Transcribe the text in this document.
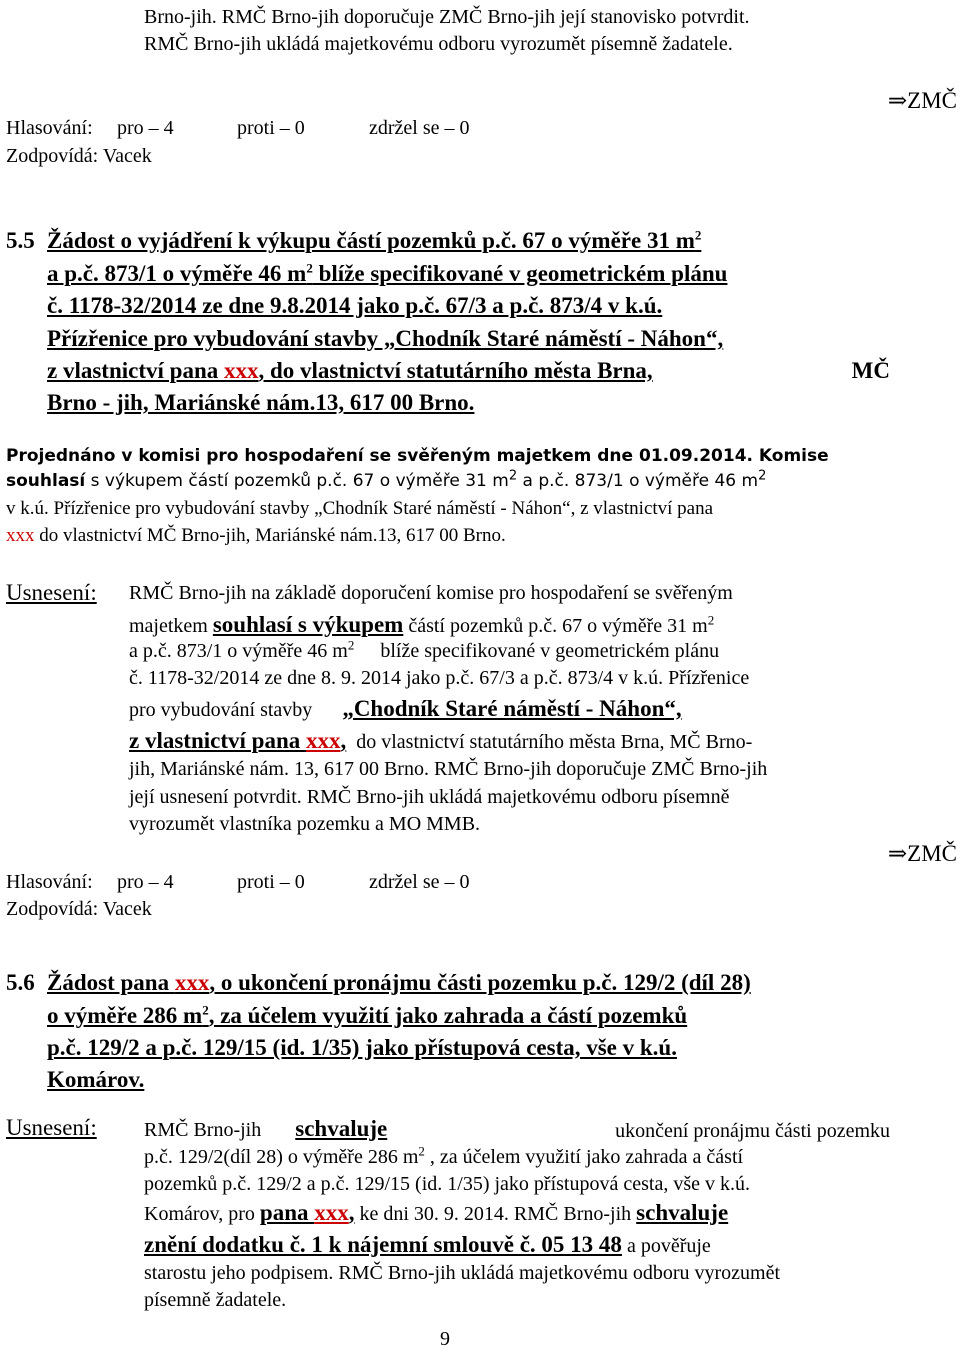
Brno-jih. RMČ Brno-jih doporučuje ZMČ Brno-jih její stanovisko potvrdit.
RMČ Brno-jih ukládá majetkovému odboru vyrozumět písemně žadatele.
⇒ZMČ
Hlasování: pro – 4	proti – 0	zdržel se – 0
Zodpovídá: Vacek
5.5 Žádost o vyjádření k výkupu částí pozemků p.č. 67 o výměře 31 $m^2$
a p.č. 873/1 o výměře 46 $m^2$ blíže specifikované v geometrickém plánu
č. 1178-32/2014 ze dne 9.8.2014 jako p.č. 67/3 a p.č. 873/4 v k.ú.
Přízřenice pro vybudování stavby „Chodník Staré náměstí - Náhon“,
z vlastnictví pana xxx, do vlastnictví statutárního města Brna,	MČ
Brno - jih, Mariánské nám.13, 617 00 Brno.
Projednáno v komisi pro hospodaření se svěřeným majetkem dne 01.09.2014. Komise
souhlasí s výkupem částí pozemků p.č. 67 o výměře 31 $m^2$ a p.č. 873/1 o výměře 46 $m^2$
v k.ú. Přízřenice pro vybudování stavby „Chodník Staré náměstí - Náhon“, z vlastnictví pana
xxx do vlastnictví MČ Brno-jih, Mariánské nám.13, 617 00 Brno.
Usnesení: RMČ Brno-jih na základě doporučení komise pro hospodaření se svěřeným
majetkem souhlasí s výkupem částí pozemků p.č. 67 o výměře 31 $m^2$
a p.č. 873/1 o výměře 46 $m^2$ blíže specifikované v geometrickém plánu
č. 1178-32/2014 ze dne 8. 9. 2014 jako p.č. 67/3 a p.č. 873/4 v k.ú. Přízřenice
pro vybudování stavby „Chodník Staré náměstí - Náhon“,
z vlastnictví pana xxx, do vlastnictví statutárního města Brna, MČ Brno-
jih, Mariánské nám. 13, 617 00 Brno. RMČ Brno-jih doporučuje ZMČ Brno-jih
její usnesení potvrdit. RMČ Brno-jih ukládá majetkovému odboru písemně
vyrozumět vlastníka pozemku a MO MMB.
⇒ZMČ
Hlasování: pro – 4	proti – 0	zdržel se – 0
Zodpovídá: Vacek
5.6 Žádost pana xxx, o ukončení pronájmu části pozemku p.č. 129/2 (díl 28)
o výměře 286 $m^2$, za účelem využití jako zahrada a částí pozemků
p.č. 129/2 a p.č. 129/15 (id. 1/35) jako přístupová cesta, vše v k.ú.
Komárov.
Usnesení: RMČ Brno-jih schvaluje	ukončení pronájmu části pozemku
p.č. 129/2(díl 28) o výměře 286 $m^2$ , za účelem využití jako zahrada a částí
pozemků p.č. 129/2 a p.č. 129/15 (id. 1/35) jako přístupová cesta, vše v k.ú.
Komárov, pro pana xxx, ke dni 30. 9. 2014. RMČ Brno-jih schvaluje
znění dodatku č. 1 k nájemní smlouvě č. 05 13 48 a pověřuje
starostu jeho podpisem. RMČ Brno-jih ukládá majetkovému odboru vyrozumět
písemně žadatele.
9
